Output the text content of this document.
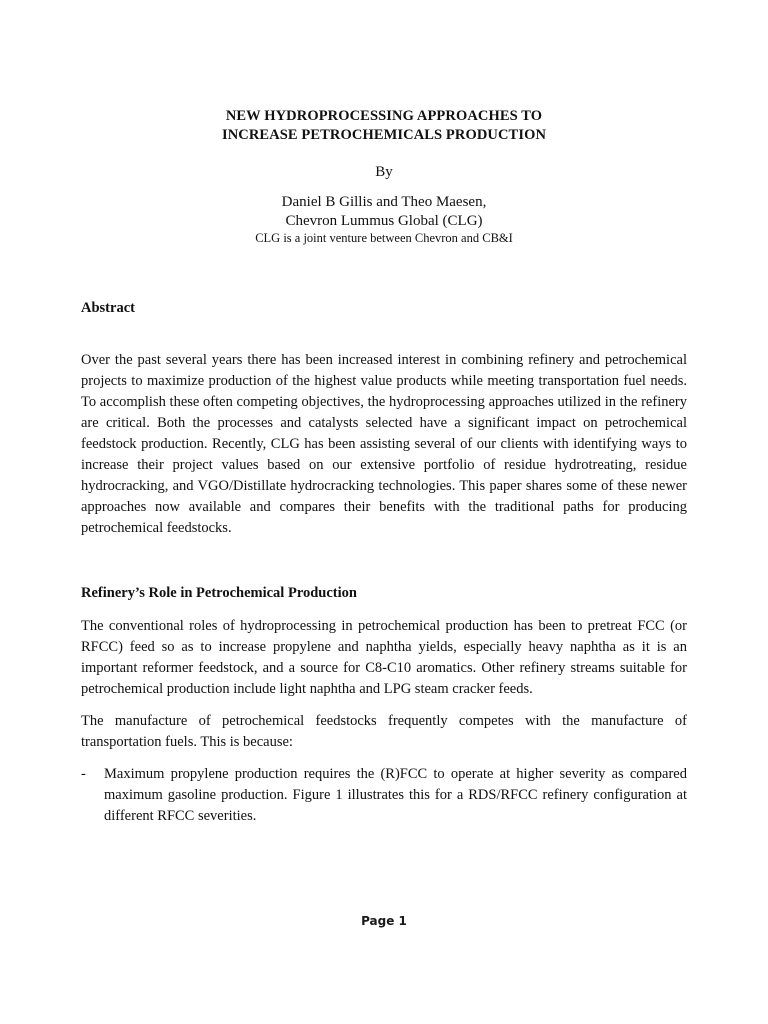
NEW HYDROPROCESSING APPROACHES TO
INCREASE PETROCHEMICALS PRODUCTION
By
Daniel B Gillis and Theo Maesen,
Chevron Lummus Global (CLG)
CLG is a joint venture between Chevron and CB&I
Abstract
Over the past several years there has been increased interest in combining refinery and petrochemical projects to maximize production of the highest value products while meeting transportation fuel needs. To accomplish these often competing objectives, the hydroprocessing approaches utilized in the refinery are critical. Both the processes and catalysts selected have a significant impact on petrochemical feedstock production. Recently, CLG has been assisting several of our clients with identifying ways to increase their project values based on our extensive portfolio of residue hydrotreating, residue hydrocracking, and VGO/Distillate hydrocracking technologies. This paper shares some of these newer approaches now available and compares their benefits with the traditional paths for producing petrochemical feedstocks.
Refinery’s Role in Petrochemical Production
The conventional roles of hydroprocessing in petrochemical production has been to pretreat FCC (or RFCC) feed so as to increase propylene and naphtha yields, especially heavy naphtha as it is an important reformer feedstock, and a source for C8-C10 aromatics. Other refinery streams suitable for petrochemical production include light naphtha and LPG steam cracker feeds.
The manufacture of petrochemical feedstocks frequently competes with the manufacture of transportation fuels. This is because:
- Maximum propylene production requires the (R)FCC to operate at higher severity as compared maximum gasoline production. Figure 1 illustrates this for a RDS/RFCC refinery configuration at different RFCC severities.
Page 1
